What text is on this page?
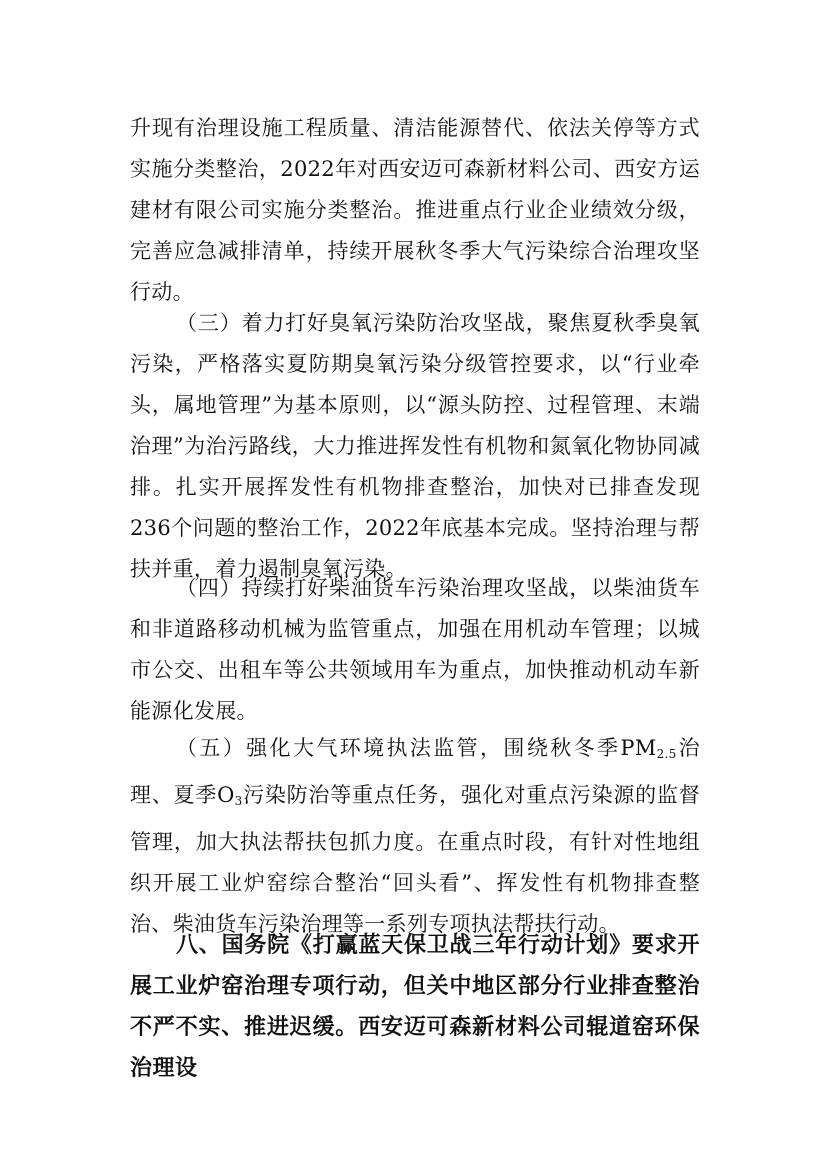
升现有治理设施工程质量、清洁能源替代、依法关停等方式实施分类整治，2022年对西安迈可森新材料公司、西安方运建材有限公司实施分类整治。推进重点行业企业绩效分级，完善应急减排清单，持续开展秋冬季大气污染综合治理攻坚行动。

（三）着力打好臭氧污染防治攻坚战，聚焦夏秋季臭氧污染，严格落实夏防期臭氧污染分级管控要求，以“行业牵头，属地管理”为基本原则，以“源头防控、过程管理、末端治理”为治污路线，大力推进挥发性有机物和氮氧化物协同减排。扎实开展挥发性有机物排查整治，加快对已排查发现236个问题的整治工作，2022年底基本完成。坚持治理与帮扶并重，着力遏制臭氧污染。

（四）持续打好柴油货车污染治理攻坚战，以柴油货车和非道路移动机械为监管重点，加强在用机动车管理；以城市公交、出租车等公共领域用车为重点，加快推动机动车新能源化发展。

（五）强化大气环境执法监管，围绕秋冬季$PM_{2.5}$治理、夏季$O_3$污染防治等重点任务，强化对重点污染源的监督管理，加大执法帮扶包抓力度。在重点时段，有针对性地组织开展工业炉窑综合整治“回头看”、挥发性有机物排查整治、柴油货车污染治理等一系列专项执法帮扶行动。

八、国务院《打赢蓝天保卫战三年行动计划》要求开展工业炉窑治理专项行动，但关中地区部分行业排查整治不严不实、推进迟缓。西安迈可森新材料公司辊道窑环保治理设
